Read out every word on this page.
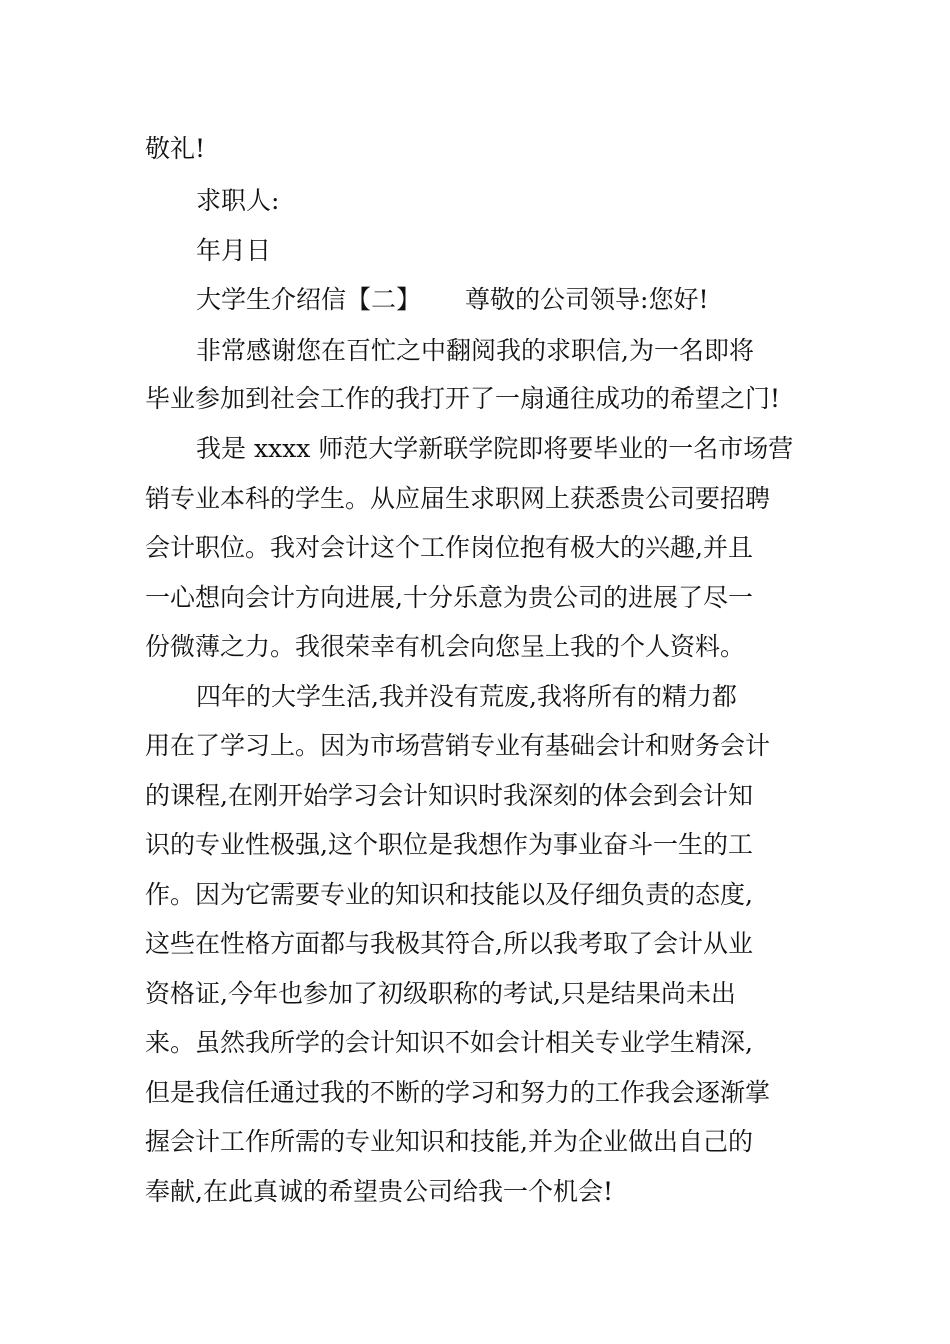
敬礼!
求职人:
年月日
大学生介绍信【二】 尊敬的公司领导:您好!
非常感谢您在百忙之中翻阅我的求职信,为一名即将
毕业参加到社会工作的我打开了一扇通往成功的希望之门!
我是 xxxx 师范大学新联学院即将要毕业的一名市场营
销专业本科的学生。从应届生求职网上获悉贵公司要招聘
会计职位。我对会计这个工作岗位抱有极大的兴趣,并且
一心想向会计方向进展,十分乐意为贵公司的进展了尽一
份微薄之力。我很荣幸有机会向您呈上我的个人资料。
四年的大学生活,我并没有荒废,我将所有的精力都
用在了学习上。因为市场营销专业有基础会计和财务会计
的课程,在刚开始学习会计知识时我深刻的体会到会计知
识的专业性极强,这个职位是我想作为事业奋斗一生的工
作。因为它需要专业的知识和技能以及仔细负责的态度,
这些在性格方面都与我极其符合,所以我考取了会计从业
资格证,今年也参加了初级职称的考试,只是结果尚未出
来。虽然我所学的会计知识不如会计相关专业学生精深,
但是我信任通过我的不断的学习和努力的工作我会逐渐掌
握会计工作所需的专业知识和技能,并为企业做出自己的
奉献,在此真诚的希望贵公司给我一个机会!
